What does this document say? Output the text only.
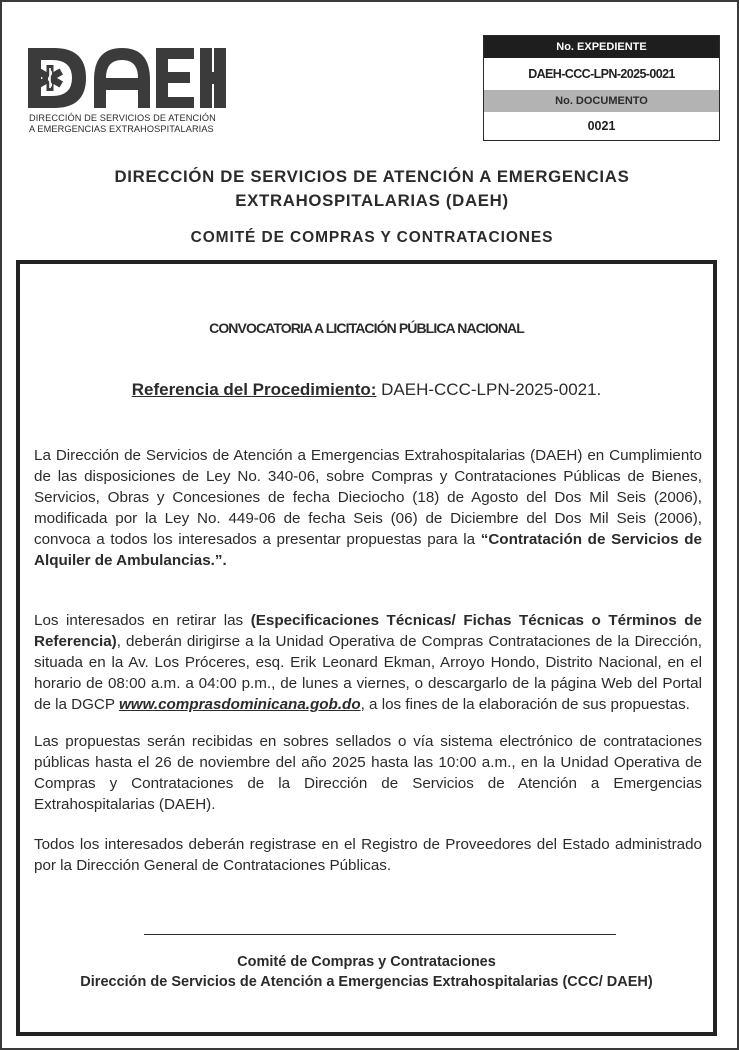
DIRECCIÓN DE SERVICIOS DE ATENCIÓN
A EMERGENCIAS EXTRAHOSPITALARIAS
No. EXPEDIENTE
DAEH-CCC-LPN-2025-0021
No. DOCUMENTO
0021
DIRECCIÓN DE SERVICIOS DE ATENCIÓN A EMERGENCIAS
EXTRAHOSPITALARIAS (DAEH)
COMITÉ DE COMPRAS Y CONTRATACIONES
CONVOCATORIA A LICITACIÓN PÚBLICA NACIONAL
Referencia del Procedimiento: DAEH-CCC-LPN-2025-0021.
La Dirección de Servicios de Atención a Emergencias Extrahospitalarias (DAEH) en Cumplimiento de las disposiciones de Ley No. 340-06, sobre Compras y Contrataciones Públicas de Bienes, Servicios, Obras y Concesiones de fecha Dieciocho (18) de Agosto del Dos Mil Seis (2006), modificada por la Ley No. 449-06 de fecha Seis (06) de Diciembre del Dos Mil Seis (2006), convoca a todos los interesados a presentar propuestas para la “Contratación de Servicios de Alquiler de Ambulancias.”.
Los interesados en retirar las (Especificaciones Técnicas/ Fichas Técnicas o Términos de Referencia), deberán dirigirse a la Unidad Operativa de Compras Contrataciones de la Dirección, situada en la Av. Los Próceres, esq. Erik Leonard Ekman, Arroyo Hondo, Distrito Nacional, en el horario de 08:00 a.m. a 04:00 p.m., de lunes a viernes, o descargarlo de la página Web del Portal de la DGCP www.comprasdominicana.gob.do, a los fines de la elaboración de sus propuestas.
Las propuestas serán recibidas en sobres sellados o vía sistema electrónico de contrataciones públicas hasta el 26 de noviembre del año 2025 hasta las 10:00 a.m., en la Unidad Operativa de Compras y Contrataciones de la Dirección de Servicios de Atención a Emergencias Extrahospitalarias (DAEH).
Todos los interesados deberán registrase en el Registro de Proveedores del Estado administrado por la Dirección General de Contrataciones Públicas.
Comité de Compras y Contrataciones
Dirección de Servicios de Atención a Emergencias Extrahospitalarias (CCC/ DAEH)
